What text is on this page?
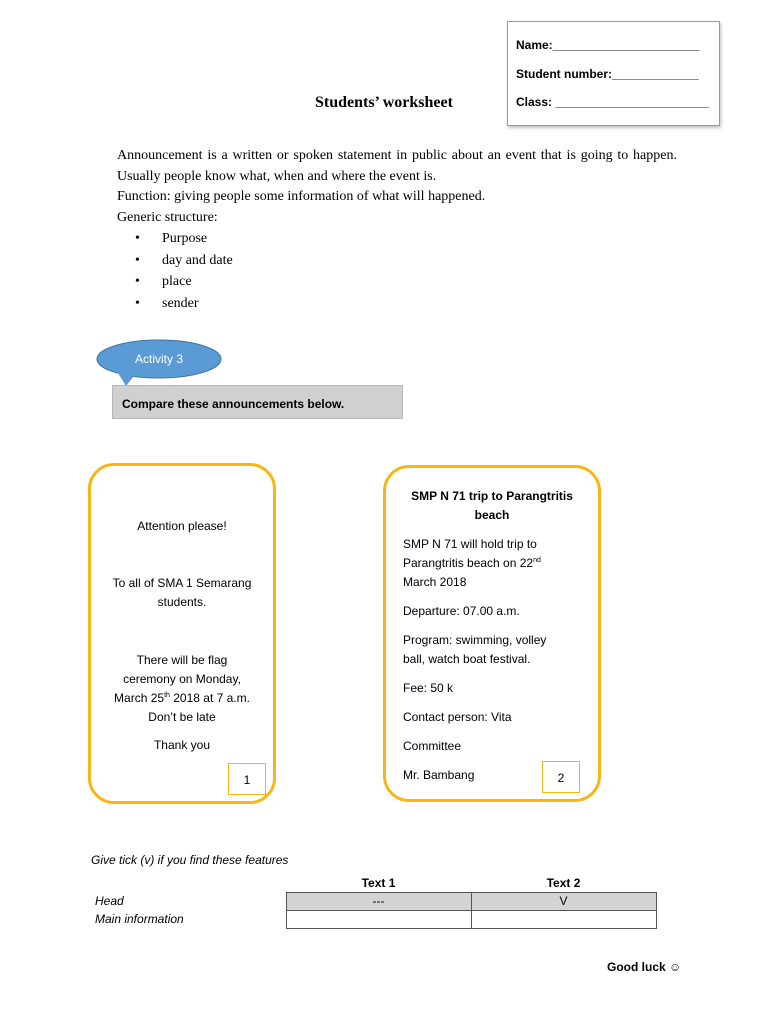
Name:______________________
Student number:_____________
Class: _______________________
Students’ worksheet

Announcement is a written or spoken statement in public about an event that is going to happen. Usually people know what, when and where the event is.

Function: giving people some information of what will happened.

Generic structure:

• Purpose
• day and date
• place
• sender
Activity 3
Compare these announcements below.
Attention please!
To all of SMA 1 Semarang
students.
There will be flag
ceremony on Monday,
March 25th 2018 at 7 a.m.
Don’t be late
Thank you
1
SMP N 71 trip to Parangtritis
beach
SMP N 71 will hold trip to
Parangtritis beach on 22nd
March 2018
Departure: 07.00 a.m.
Program: swimming, volley
ball, watch boat festival.
Fee: 50 k
Contact person: Vita
Committee
Mr. Bambang	2
Give tick (v) if you find these features
	Text 1	Text 2
Head	---	V
Main information		
Good luck ☺
